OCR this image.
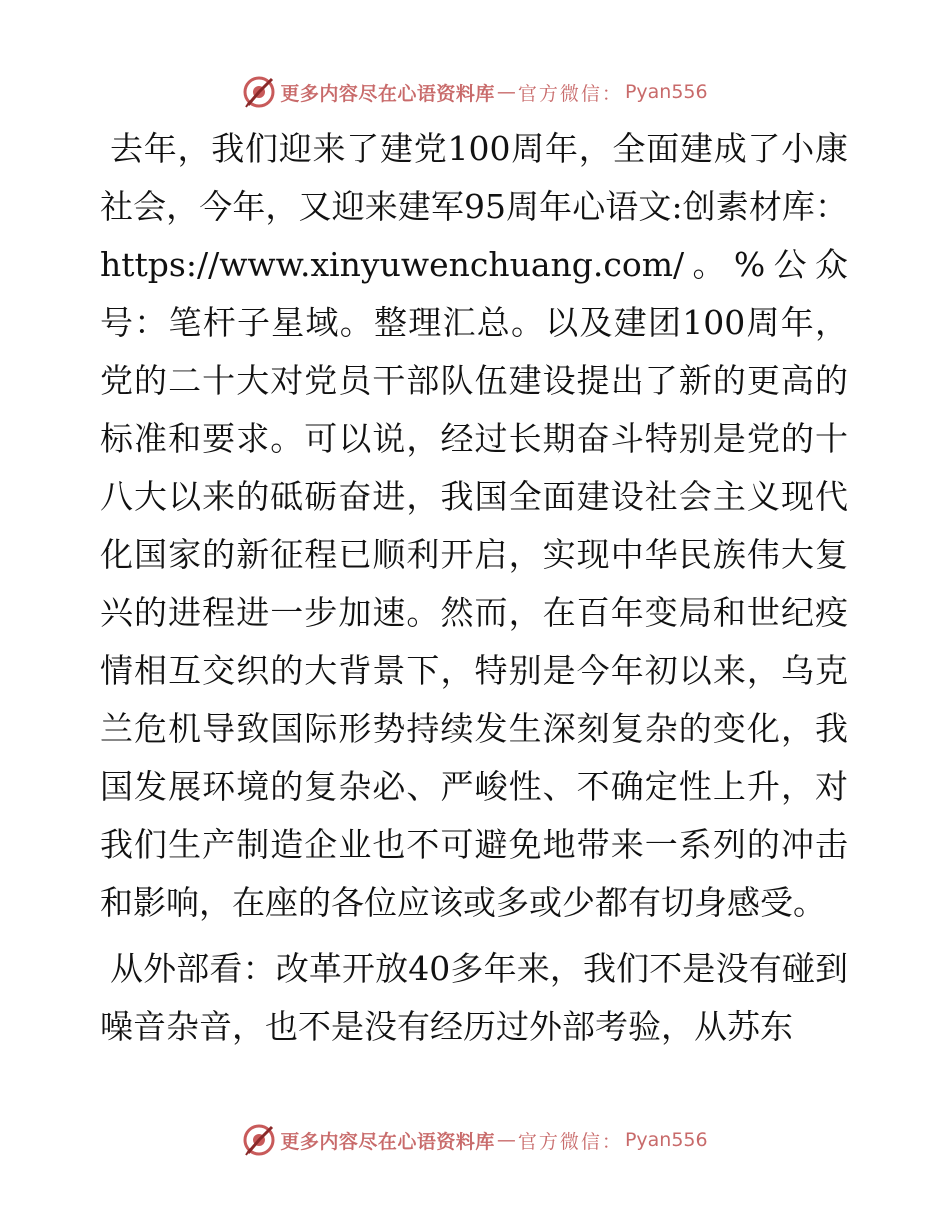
更多内容尽在心语资料库 — 官方微信： Pyan556

去年，我们迎来了建党100周年，全面建成了小康社会，今年，又迎来建军95周年心语文:创素材库：https://www.xinyuwenchuang.com/。%公众号：笔杆子星域。整理汇总。以及建团100周年，党的二十大对党员干部队伍建设提出了新的更高的标准和要求。可以说，经过长期奋斗特别是党的十八大以来的砥砺奋进，我国全面建设社会主义现代化国家的新征程已顺利开启，实现中华民族伟大复兴的进程进一步加速。然而，在百年变局和世纪疫情相互交织的大背景下，特别是今年初以来，乌克兰危机导致国际形势持续发生深刻复杂的变化，我国发展环境的复杂必、严峻性、不确定性上升，对我们生产制造企业也不可避免地带来一系列的冲击和影响，在座的各位应该或多或少都有切身感受。

从外部看：改革开放40多年来，我们不是没有碰到噪音杂音，也不是没有经历过外部考验，从苏东

更多内容尽在心语资料库 — 官方微信： Pyan556
